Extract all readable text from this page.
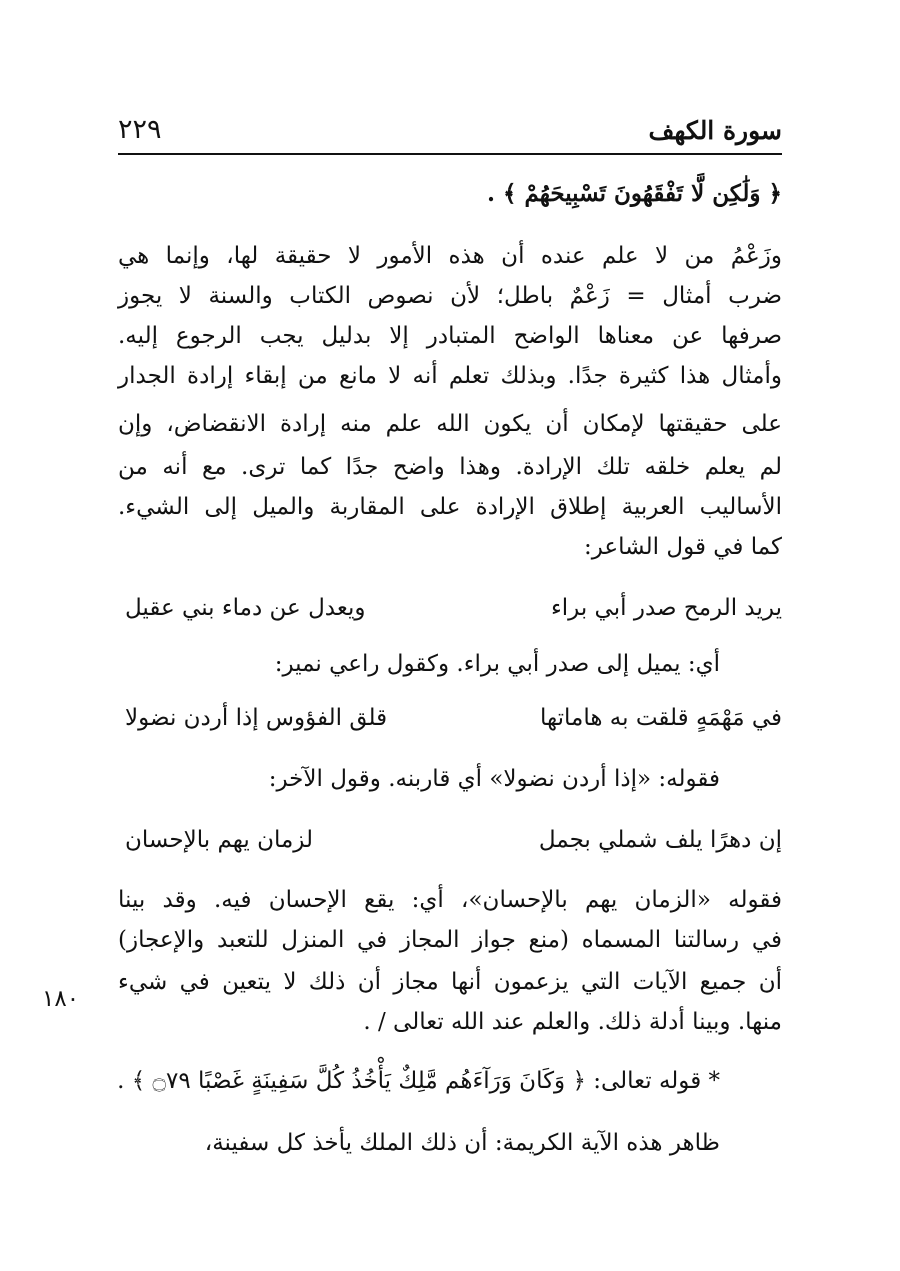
٢٢٩	سورة الكهف
﴿ وَلَٰكِن لَّا تَفْقَهُونَ تَسْبِيحَهُمْ ﴾ .
وزَعْمُ من لا علم عنده أن هذه الأمور لا حقيقة لها، وإنما هي
ضرب أمثال = زَعْمٌ باطل؛ لأن نصوص الكتاب والسنة لا يجوز
صرفها عن معناها الواضح المتبادر إلا بدليل يجب الرجوع إليه.
وأمثال هذا كثيرة جدًا. وبذلك تعلم أنه لا مانع من إبقاء إرادة الجدار
على حقيقتها لإمكان أن يكون الله علم منه إرادة الانقضاض، وإن
لم يعلم خلقه تلك الإرادة. وهذا واضح جدًا كما ترى. مع أنه من
الأساليب العربية إطلاق الإرادة على المقاربة والميل إلى الشيء.
كما في قول الشاعر:
يريد الرمح صدر أبي براء
ويعدل عن دماء بني عقيل
أي: يميل إلى صدر أبي براء. وكقول راعي نمير:
في مَهْمَهٍ قلقت به هاماتها
قلق الفؤوس إذا أردن نضولا
فقوله: «إذا أردن نضولا» أي قاربنه. وقول الآخر:
إن دهرًا يلف شملي بجمل
لزمان يهم بالإحسان
فقوله «الزمان يهم بالإحسان»، أي: يقع الإحسان فيه. وقد بينا
في رسالتنا المسماه (منع جواز المجاز في المنزل للتعبد والإعجاز)
أن جميع الآيات التي يزعمون أنها مجاز أن ذلك لا يتعين في شيء
منها. وبينا أدلة ذلك. والعلم عند الله تعالى / .
* قوله تعالى: ﴿ وَكَانَ وَرَآءَهُم مَّلِكٌ يَأْخُذُ كُلَّ سَفِينَةٍ غَصْبًا ۝٧٩ ﴾ .
ظاهر هذه الآية الكريمة: أن ذلك الملك يأخذ كل سفينة،
١٨٠
